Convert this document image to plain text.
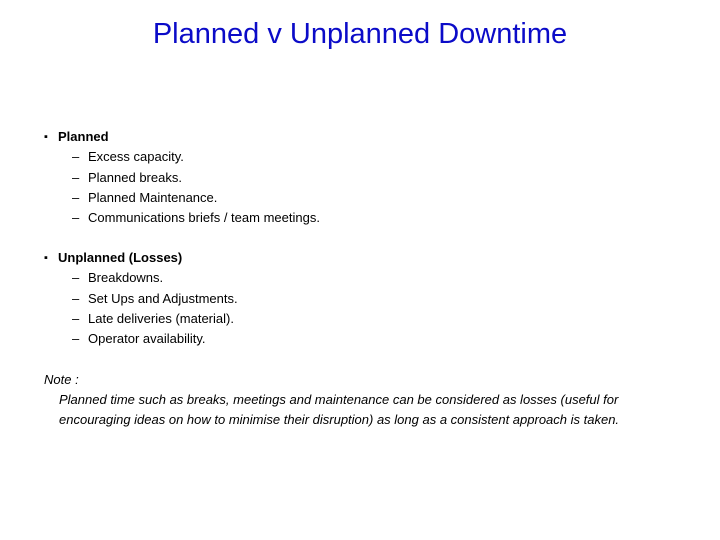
Planned v Unplanned Downtime
▪ Planned
– Excess capacity.
– Planned breaks.
– Planned Maintenance.
– Communications briefs / team meetings.
▪ Unplanned (Losses)
– Breakdowns.
– Set Ups and Adjustments.
– Late deliveries (material).
– Operator availability.
Note :
Planned time such as breaks, meetings and maintenance can be considered as losses (useful for
encouraging ideas on how to minimise their disruption) as long as a consistent approach is taken.
